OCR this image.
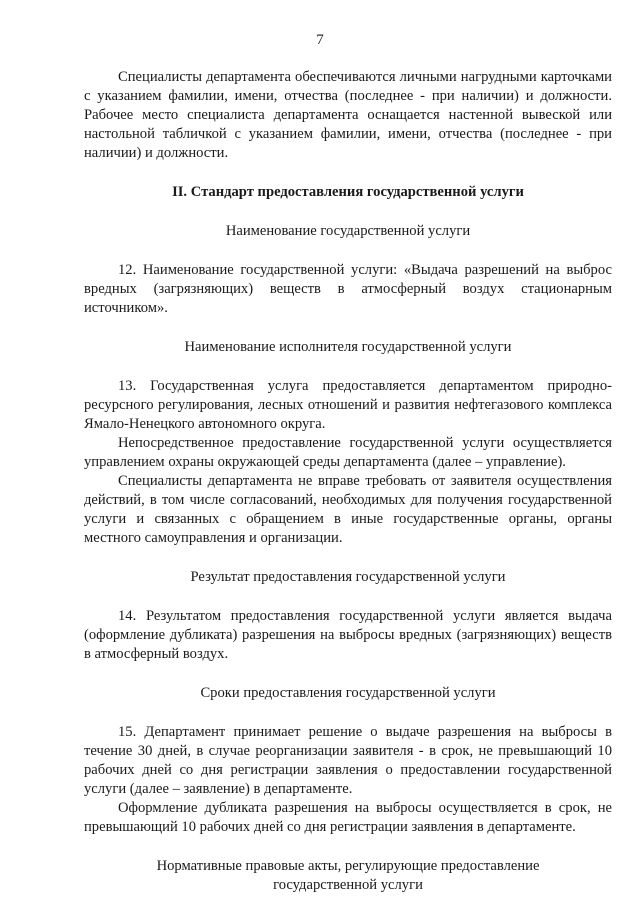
7

Специалисты департамента обеспечиваются личными нагрудными карточками с указанием фамилии, имени, отчества (последнее - при наличии) и должности. Рабочее место специалиста департамента оснащается настенной вывеской или настольной табличкой с указанием фамилии, имени, отчества (последнее - при наличии) и должности.

II. Стандарт предоставления государственной услуги
Наименование государственной услуги

12. Наименование государственной услуги: «Выдача разрешений на выброс вредных (загрязняющих) веществ в атмосферный воздух стационарным источником».

Наименование исполнителя государственной услуги

13. Государственная услуга предоставляется департаментом природно-ресурсного регулирования, лесных отношений и развития нефтегазового комплекса Ямало-Ненецкого автономного округа.

Непосредственное предоставление государственной услуги осуществляется управлением охраны окружающей среды департамента (далее – управление).

Специалисты департамента не вправе требовать от заявителя осуществления действий, в том числе согласований, необходимых для получения государственной услуги и связанных с обращением в иные государственные органы, органы местного самоуправления и организации.

Результат предоставления государственной услуги

14. Результатом предоставления государственной услуги является выдача (оформление дубликата) разрешения на выбросы вредных (загрязняющих) веществ в атмосферный воздух.

Сроки предоставления государственной услуги

15. Департамент принимает решение о выдаче разрешения на выбросы в течение 30 дней, в случае реорганизации заявителя - в срок, не превышающий 10 рабочих дней со дня регистрации заявления о предоставлении государственной услуги (далее – заявление) в департаменте.

Оформление дубликата разрешения на выбросы осуществляется в срок, не превышающий 10 рабочих дней со дня регистрации заявления в департаменте.

Нормативные правовые акты, регулирующие предоставление
государственной услуги
